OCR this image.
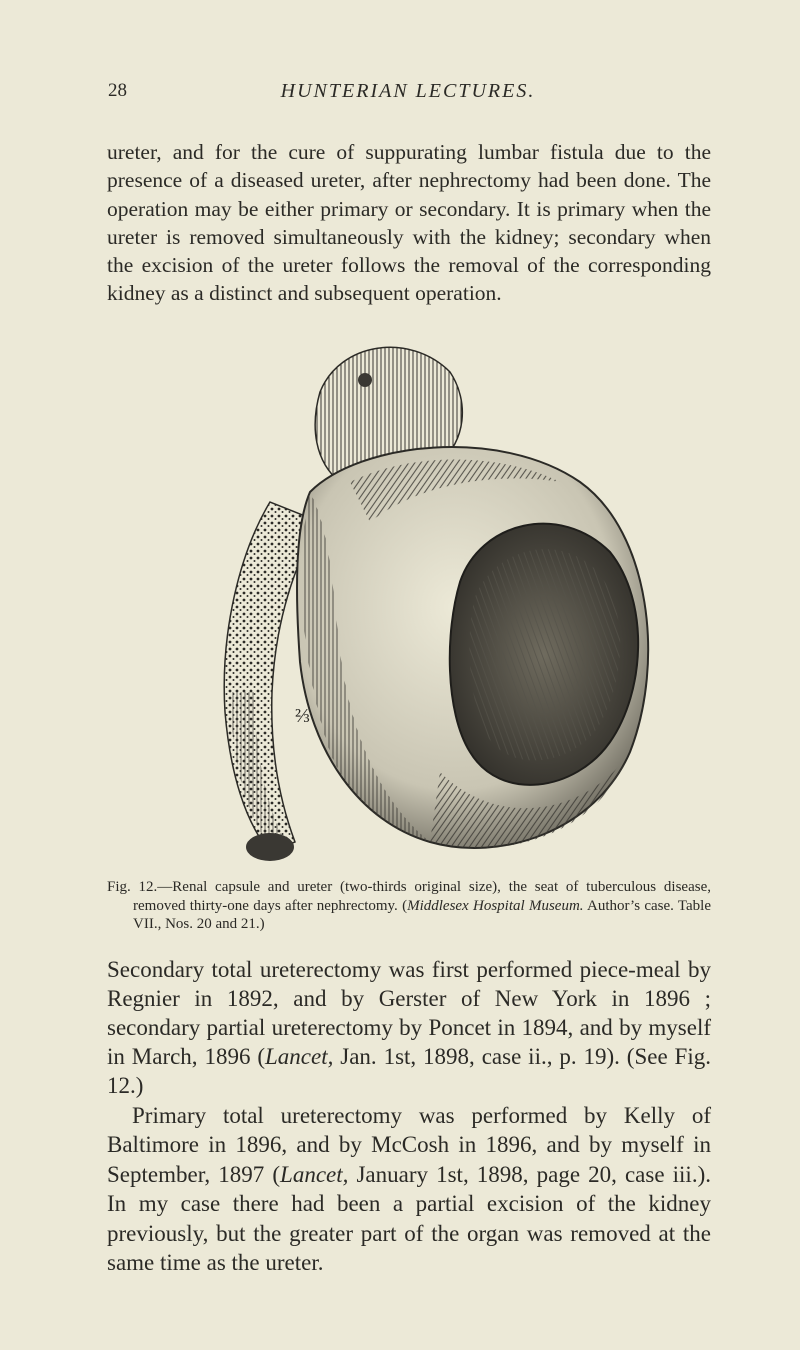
28	HUNTERIAN LECTURES.

ureter, and for the cure of suppurating lumbar fistula due to the presence of a diseased ureter, after nephrectomy had been done. The operation may be either primary or secondary. It is primary when the ureter is removed simultaneously with the kidney; secondary when the excision of the ureter follows the removal of the corresponding kidney as a distinct and subsequent operation.

⅔
Fig. 12.—Renal capsule and ureter (two-thirds original size), the seat of tuberculous disease, removed thirty-one days after nephrectomy. (Middlesex Hospital Museum. Author’s case. Table VII., Nos. 20 and 21.)

Secondary total ureterectomy was first performed piece-meal by Regnier in 1892, and by Gerster of New York in 1896 ; secondary partial ureterectomy by Poncet in 1894, and by myself in March, 1896 (Lancet, Jan. 1st, 1898, case ii., p. 19). (See Fig. 12.)

Primary total ureterectomy was performed by Kelly of Baltimore in 1896, and by McCosh in 1896, and by myself in September, 1897 (Lancet, January 1st, 1898, page 20, case iii.). In my case there had been a partial excision of the kidney previously, but the greater part of the organ was removed at the same time as the ureter.
